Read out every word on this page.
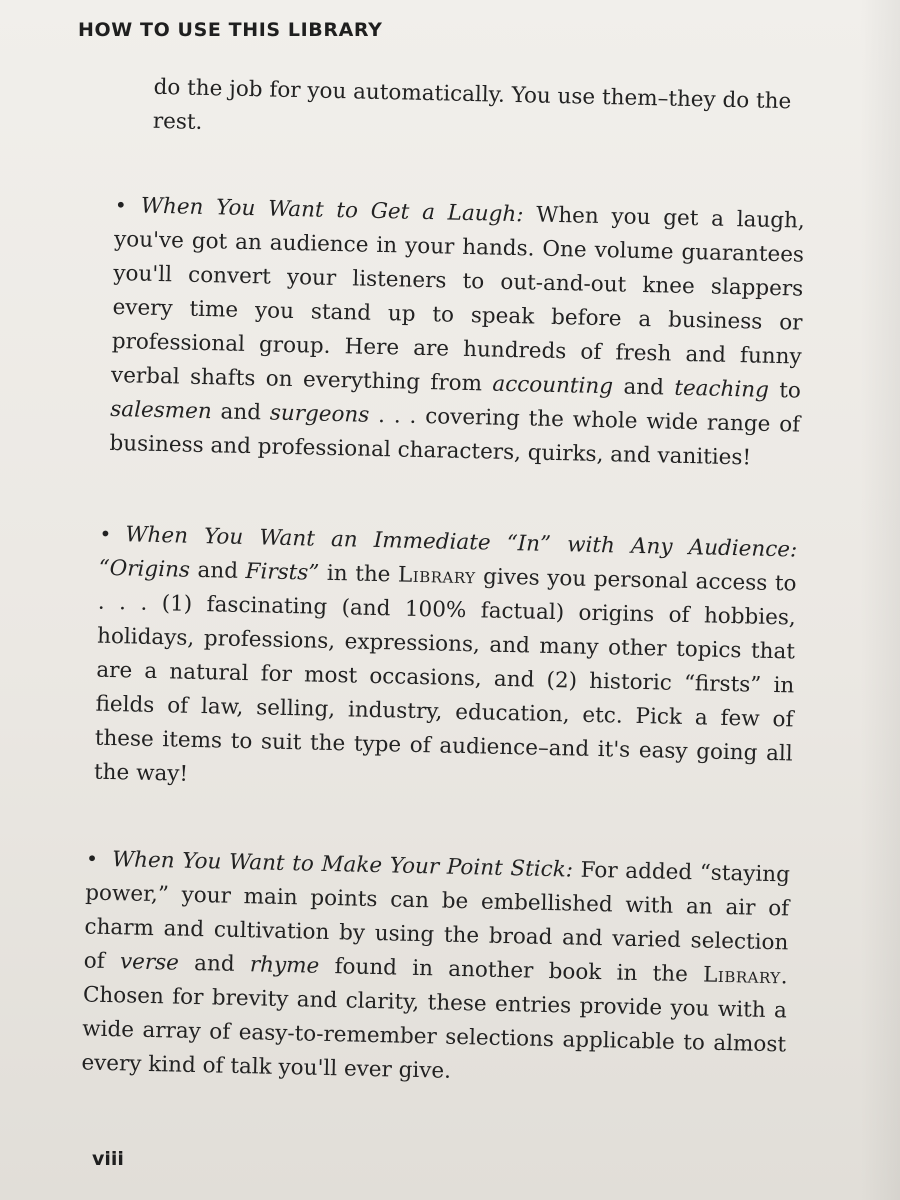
HOW TO USE THIS LIBRARY

do the job for you automatically. You use them–they do the rest.

• When You Want to Get a Laugh: When you get a laugh, you've got an audience in your hands. One volume guarantees you'll convert your listeners to out-and-out knee slappers every time you stand up to speak before a business or professional group. Here are hundreds of fresh and funny verbal shafts on everything from accounting and teaching to salesmen and surgeons . . . covering the whole wide range of business and professional characters, quirks, and vanities!

• When You Want an Immediate “In” with Any Audience: “Origins and Firsts” in the Library gives you personal access to . . . (1) fascinating (and 100% factual) origins of hobbies, holidays, professions, expressions, and many other topics that are a natural for most occasions, and (2) historic “firsts” in fields of law, selling, industry, education, etc. Pick a few of these items to suit the type of audience–and it's easy going all the way!

• When You Want to Make Your Point Stick: For added “staying power,” your main points can be embellished with an air of charm and cultivation by using the broad and varied selection of verse and rhyme found in another book in the Library. Chosen for brevity and clarity, these entries provide you with a wide array of easy-to-remember selections applicable to almost every kind of talk you'll ever give.

viii
